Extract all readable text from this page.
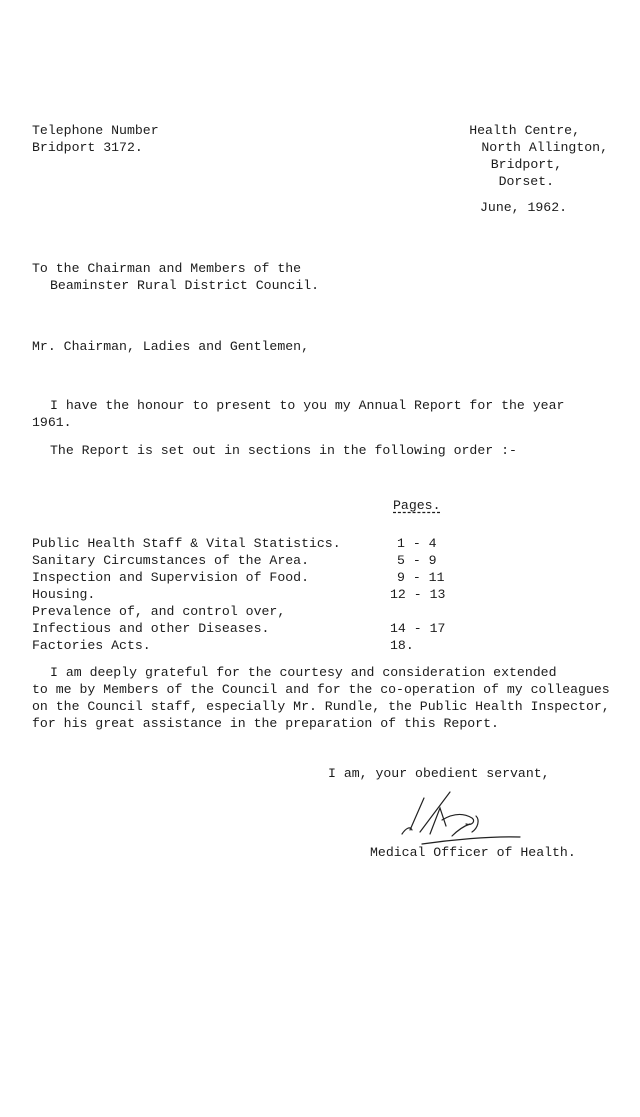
Telephone Number
Bridport 3172.
Health Centre,
North Allington,
Bridport,
Dorset.
June, 1962.
To the Chairman and Members of the
Beaminster Rural District Council.
Mr. Chairman, Ladies and Gentlemen,
I have the honour to present to you my Annual Report for the year
1961.
The Report is set out in sections in the following order :-
Pages.
Public Health Staff & Vital Statistics.	1 - 4
Sanitary Circumstances of the Area.	5 - 9
Inspection and Supervision of Food.	9 - 11
Housing.	12 - 13
Prevalence of, and control over,
Infectious and other Diseases.	14 - 17
Factories Acts.	18.
I am deeply grateful for the courtesy and consideration extended
to me by Members of the Council and for the co-operation of my colleagues
on the Council staff, especially Mr. Rundle, the Public Health Inspector,
for his great assistance in the preparation of this Report.
I am, your obedient servant,
Medical Officer of Health.
